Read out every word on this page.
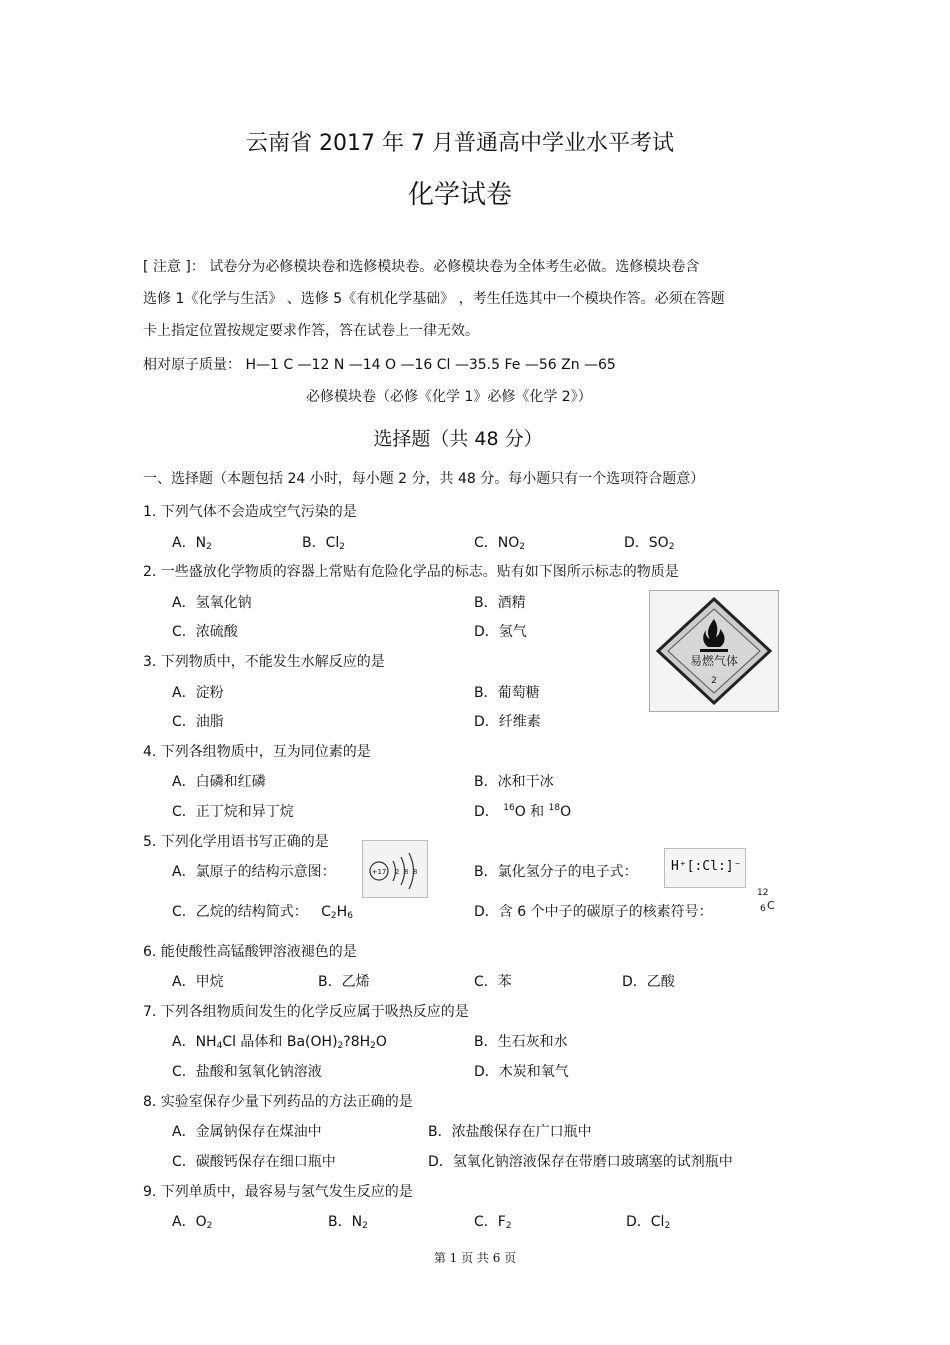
云南省 2017 年 7 月普通高中学业水平考试
化学试卷
[ 注意 ]： 试卷分为必修模块卷和选修模块卷。必修模块卷为全体考生必做。选修模块卷含
选修 1《化学与生活》 、选修 5《有机化学基础》 ，考生任选其中一个模块作答。必须在答题
卡上指定位置按规定要求作答，答在试卷上一律无效。
相对原子质量： H—1 C —12 N —14 O —16 Cl —35.5 Fe —56 Zn —65
必修模块卷（必修《化学 1》必修《化学 2》）
选择题（共 48 分）
一、选择题（本题包括 24 小时，每小题 2 分，共 48 分。每小题只有一个选项符合题意）
1. 下列气体不会造成空气污染的是
A．$N_2$	B．$Cl_2$	C．$NO_2$	D．$SO_2$
2. 一些盛放化学物质的容器上常贴有危险化学品的标志。贴有如下图所示标志的物质是
A．氢氧化钠	B．酒精
C．浓硫酸	D．氢气
易燃气体
2
3. 下列物质中，不能发生水解反应的是
A．淀粉	B．葡萄糖
C．油脂	D．纤维素
4. 下列各组物质中，互为同位素的是
A．白磷和红磷	B．冰和干冰
C．正丁烷和异丁烷	D． $^{16}$O 和 $^{18}$O
5. 下列化学用语书写正确的是
A．氯原子的结构示意图：	+17 2 8 8	B．氯化氢分子的电子式：	H⁺[:Cl:]⁻
C．乙烷的结构简式： $C_2H_6$	D．含 6 个中子的碳原子的核素符号：
12
6 C
6. 能使酸性高锰酸钾溶液褪色的是
A．甲烷	B．乙烯	C．苯	D．乙酸
7. 下列各组物质间发生的化学反应属于吸热反应的是
A．$NH_4Cl$ 晶体和 $Ba(OH)_2?8H_2O$	B．生石灰和水
C．盐酸和氢氧化钠溶液	D．木炭和氧气
8. 实验室保存少量下列药品的方法正确的是
A．金属钠保存在煤油中	B．浓盐酸保存在广口瓶中
C．碳酸钙保存在细口瓶中	D．氢氧化钠溶液保存在带磨口玻璃塞的试剂瓶中
9. 下列单质中，最容易与氢气发生反应的是
A．$O_2$	B．$N_2$	C．$F_2$	D．$Cl_2$
第 1 页 共 6 页
